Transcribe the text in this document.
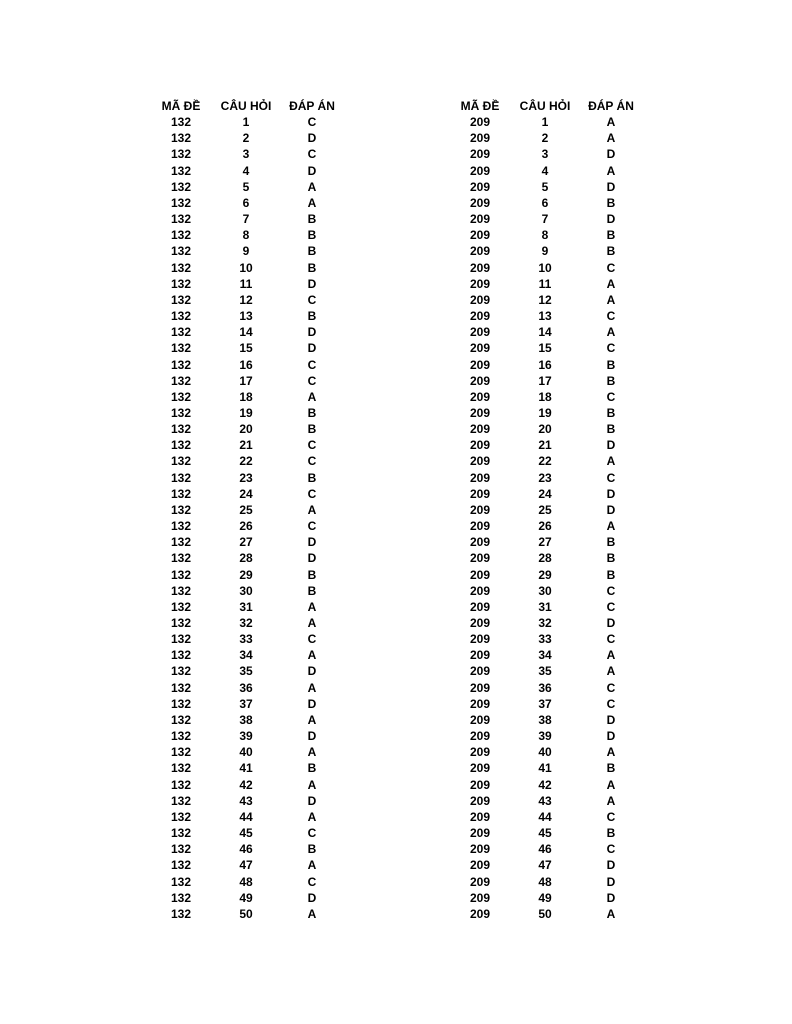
MÃ ĐỀ	CÂU HỎI	ĐÁP ÁN
132	1	C
132	2	D
132	3	C
132	4	D
132	5	A
132	6	A
132	7	B
132	8	B
132	9	B
132	10	B
132	11	D
132	12	C
132	13	B
132	14	D
132	15	D
132	16	C
132	17	C
132	18	A
132	19	B
132	20	B
132	21	C
132	22	C
132	23	B
132	24	C
132	25	A
132	26	C
132	27	D
132	28	D
132	29	B
132	30	B
132	31	A
132	32	A
132	33	C
132	34	A
132	35	D
132	36	A
132	37	D
132	38	A
132	39	D
132	40	A
132	41	B
132	42	A
132	43	D
132	44	A
132	45	C
132	46	B
132	47	A
132	48	C
132	49	D
132	50	A
MÃ ĐỀ	CÂU HỎI	ĐÁP ÁN
209	1	A
209	2	A
209	3	D
209	4	A
209	5	D
209	6	B
209	7	D
209	8	B
209	9	B
209	10	C
209	11	A
209	12	A
209	13	C
209	14	A
209	15	C
209	16	B
209	17	B
209	18	C
209	19	B
209	20	B
209	21	D
209	22	A
209	23	C
209	24	D
209	25	D
209	26	A
209	27	B
209	28	B
209	29	B
209	30	C
209	31	C
209	32	D
209	33	C
209	34	A
209	35	A
209	36	C
209	37	C
209	38	D
209	39	D
209	40	A
209	41	B
209	42	A
209	43	A
209	44	C
209	45	B
209	46	C
209	47	D
209	48	D
209	49	D
209	50	A
